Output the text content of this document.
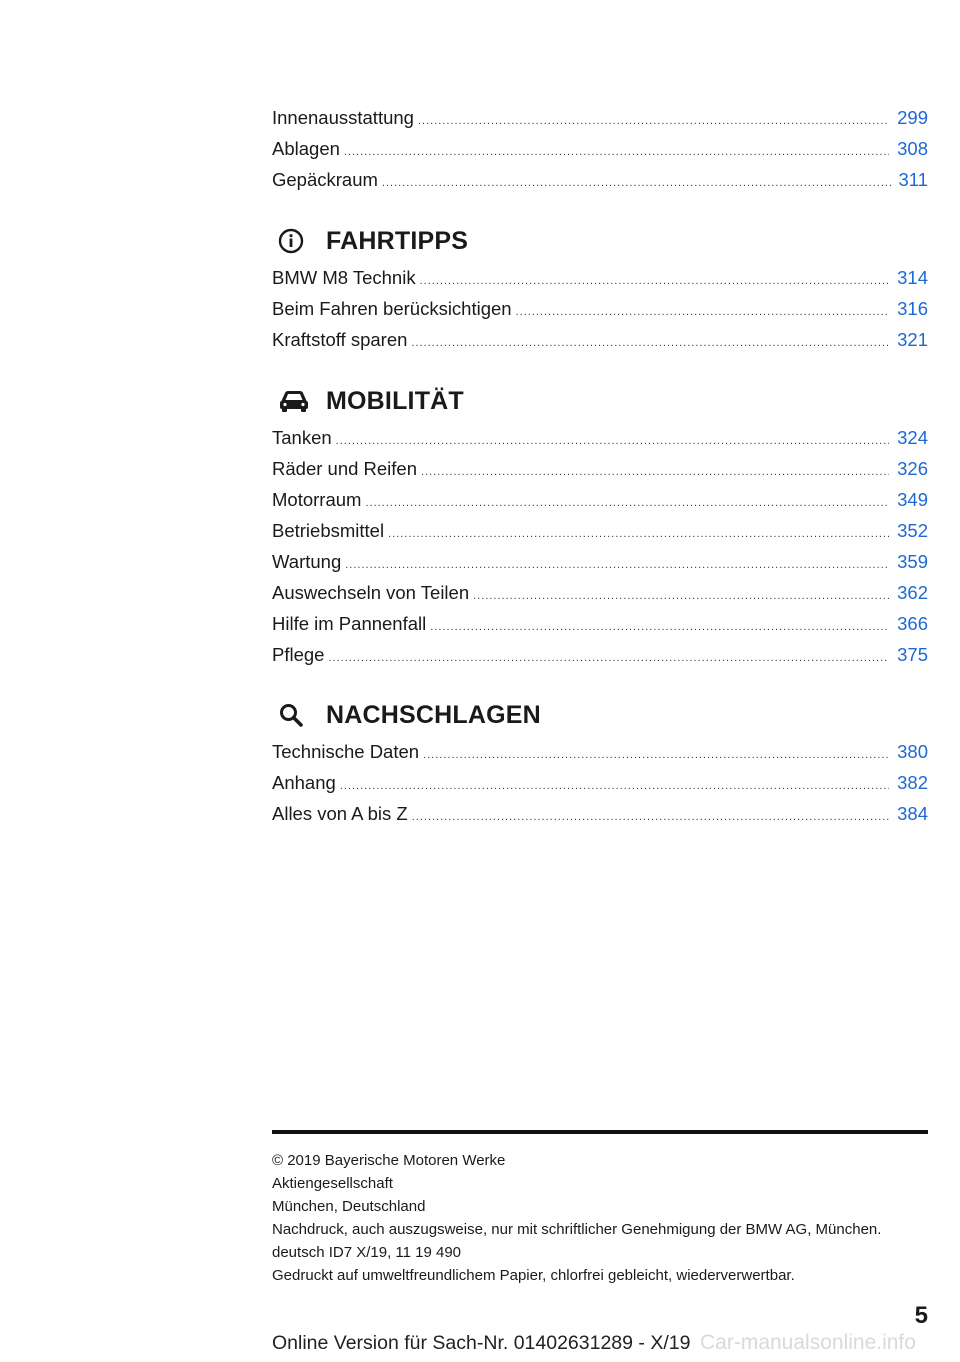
Innenausstattung .....	299
Ablagen .....	308
Gepäckraum .....	311
FAHRTIPPS
BMW M8 Technik .....	314
Beim Fahren berücksichtigen .....	316
Kraftstoff sparen .....	321
MOBILITÄT
Tanken .....	324
Räder und Reifen .....	326
Motorraum .....	349
Betriebsmittel .....	352
Wartung .....	359
Auswechseln von Teilen .....	362
Hilfe im Pannenfall .....	366
Pflege .....	375
NACHSCHLAGEN
Technische Daten .....	380
Anhang .....	382
Alles von A bis Z .....	384
© 2019 Bayerische Motoren Werke
Aktiengesellschaft
München, Deutschland
Nachdruck, auch auszugsweise, nur mit schriftlicher Genehmigung der BMW AG, München.
deutsch ID7 X/19, 11 19 490
Gedruckt auf umweltfreundlichem Papier, chlorfrei gebleicht, wiederverwertbar.
5
Online Version für Sach-Nr. 01402631289 - X/19 Car-manualsonline.info
